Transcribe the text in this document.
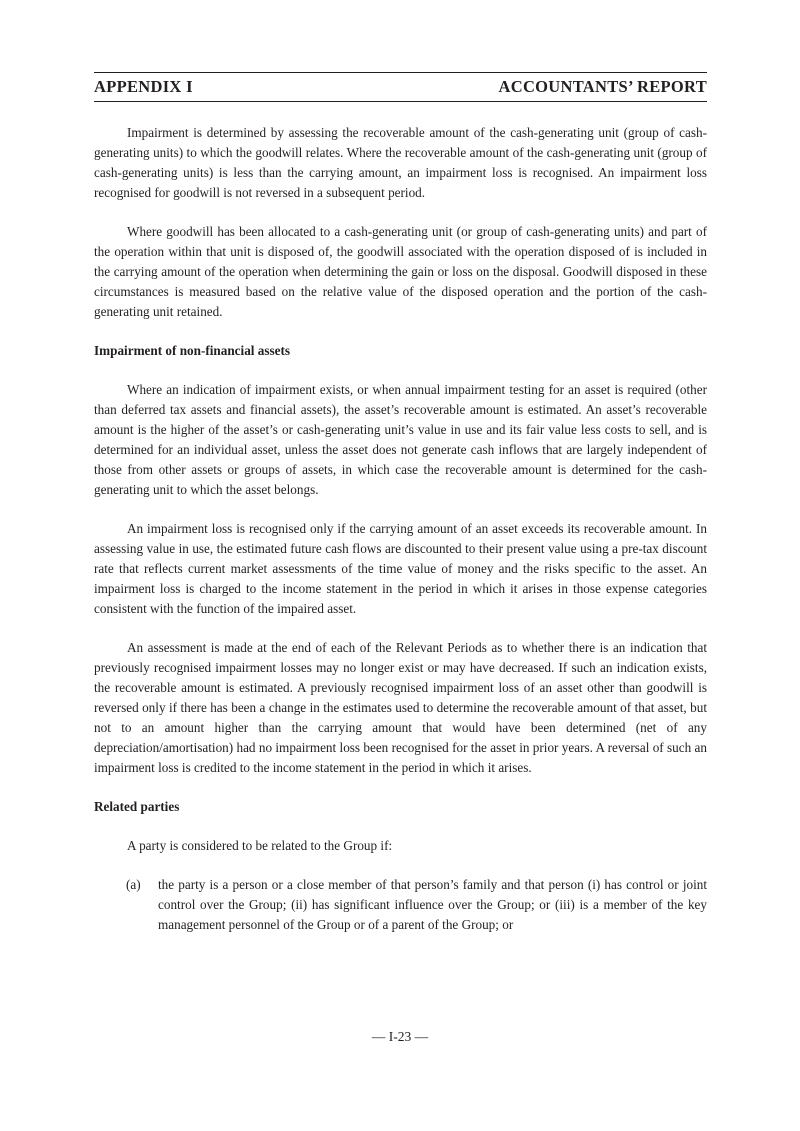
APPENDIX I	ACCOUNTANTS’ REPORT

Impairment is determined by assessing the recoverable amount of the cash-generating unit (group of cash-generating units) to which the goodwill relates. Where the recoverable amount of the cash-generating unit (group of cash-generating units) is less than the carrying amount, an impairment loss is recognised. An impairment loss recognised for goodwill is not reversed in a subsequent period.

Where goodwill has been allocated to a cash-generating unit (or group of cash-generating units) and part of the operation within that unit is disposed of, the goodwill associated with the operation disposed of is included in the carrying amount of the operation when determining the gain or loss on the disposal. Goodwill disposed in these circumstances is measured based on the relative value of the disposed operation and the portion of the cash-generating unit retained.

Impairment of non-financial assets

Where an indication of impairment exists, or when annual impairment testing for an asset is required (other than deferred tax assets and financial assets), the asset’s recoverable amount is estimated. An asset’s recoverable amount is the higher of the asset’s or cash-generating unit’s value in use and its fair value less costs to sell, and is determined for an individual asset, unless the asset does not generate cash inflows that are largely independent of those from other assets or groups of assets, in which case the recoverable amount is determined for the cash-generating unit to which the asset belongs.

An impairment loss is recognised only if the carrying amount of an asset exceeds its recoverable amount. In assessing value in use, the estimated future cash flows are discounted to their present value using a pre-tax discount rate that reflects current market assessments of the time value of money and the risks specific to the asset. An impairment loss is charged to the income statement in the period in which it arises in those expense categories consistent with the function of the impaired asset.

An assessment is made at the end of each of the Relevant Periods as to whether there is an indication that previously recognised impairment losses may no longer exist or may have decreased. If such an indication exists, the recoverable amount is estimated. A previously recognised impairment loss of an asset other than goodwill is reversed only if there has been a change in the estimates used to determine the recoverable amount of that asset, but not to an amount higher than the carrying amount that would have been determined (net of any depreciation/amortisation) had no impairment loss been recognised for the asset in prior years. A reversal of such an impairment loss is credited to the income statement in the period in which it arises.

Related parties

A party is considered to be related to the Group if:

(a)	the party is a person or a close member of that person’s family and that person (i) has control or joint control over the Group; (ii) has significant influence over the Group; or (iii) is a member of the key management personnel of the Group or of a parent of the Group; or
— I-23 —
